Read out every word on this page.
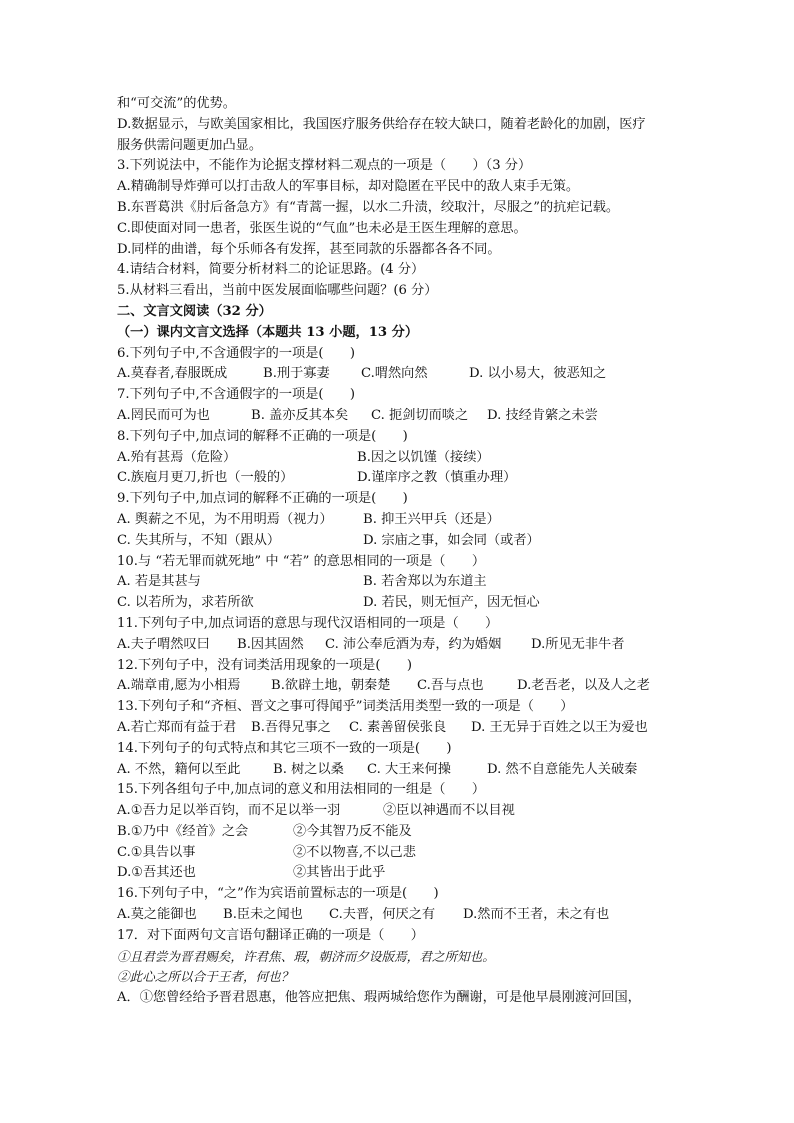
和“可交流”的优势。
D.数据显示，与欧美国家相比，我国医疗服务供给存在较大缺口，随着老龄化的加剧，医疗
服务供需问题更加凸显。
3.下列说法中，不能作为论据支撑材料二观点的一项是（　　）（3 分）
A.精确制导炸弹可以打击敌人的军事目标，却对隐匿在平民中的敌人束手无策。
B.东晋葛洪《肘后备急方》有“青蒿一握，以水二升渍，绞取汁，尽服之”的抗疟记载。
C.即使面对同一患者，张医生说的“气血”也未必是王医生理解的意思。
D.同样的曲谱，每个乐师各有发挥，甚至同款的乐器都各各不同。
4.请结合材料，简要分析材料二的论证思路。(4 分）
5.从材料三看出，当前中医发展面临哪些问题？(6 分）
二、文言文阅读（32 分）
（一）课内文言文选择（本题共 13 小题，13 分）
6.下列句子中,不含通假字的一项是(　　)
A.莫春者,春服既成	B.刑于寡妻 C.喟然向然	D. 以小易大，彼恶知之
7.下列句子中,不含通假字的一项是(　　)
A.罔民而可为也	B. 盖亦反其本矣 C. 扼剑切而啖之 D. 技经肯綮之未尝
8.下列句子中,加点词的解释不正确的一项是(　　)
A.殆有甚焉（危险）	B.因之以饥馑（接续）
C.族庖月更刀,折也（一般的）	D.谨庠序之教（慎重办理）
9.下列句子中,加点词的解释不正确的一项是(　　)
A. 舆薪之不见，为不用明焉（视力） B. 抑王兴甲兵（还是）
C. 失其所与，不知（跟从）	D. 宗庙之事，如会同（或者）
10.与 “若无罪而就死地” 中 “若” 的意思相同的一项是（　　）
A. 若是其甚与	B. 若舍郑以为东道主
C. 以若所为，求若所欲	D. 若民，则无恒产，因无恒心
11.下列句子中,加点词语的意思与现代汉语相同的一项是（　　）
A.夫子喟然叹曰 B.因其固然 C. 沛公奉卮酒为寿，约为婚姻 D.所见无非牛者
12.下列句子中，没有词类活用现象的一项是(　　)
A.端章甫,愿为小相焉 B.欲辟土地，朝秦楚 C.吾与点也	D.老吾老，以及人之老
13.下列句子和“齐桓、晋文之事可得闻乎”词类活用类型一致的一项是（　　）
A.若亡郑而有益于君 B.吾得兄事之 C. 素善留侯张良 D. 王无异于百姓之以王为爱也
14.下列句子的句式特点和其它三项不一致的一项是(　　)
A. 不然，籍何以至此 B. 树之以桑 C. 大王来何操	D. 然不自意能先人关破秦
15.下列各组句子中,加点词的意义和用法相同的一组是（　　）
A.①吾力足以举百钧，而不足以举一羽	②臣以神遇而不以目视
B.①乃中《经首》之会	②今其智乃反不能及
C.①具告以事	②不以物喜,不以己悲
D.①吾其还也	②其皆出于此乎
16.下列句子中，“之”作为宾语前置标志的一项是(　　)
A.莫之能御也 B.臣未之闻也 C.夫晋，何厌之有 D.然而不王者，未之有也
17．对下面两句文言语句翻译正确的一项是（　　）
①且君尝为晋君赐矣，许君焦、瑕，朝济而夕设版焉，君之所知也。
②此心之所以合于王者，何也？
A．①您曾经给予晋君恩惠，他答应把焦、瑕两城给您作为酬谢，可是他早晨刚渡河回国，
